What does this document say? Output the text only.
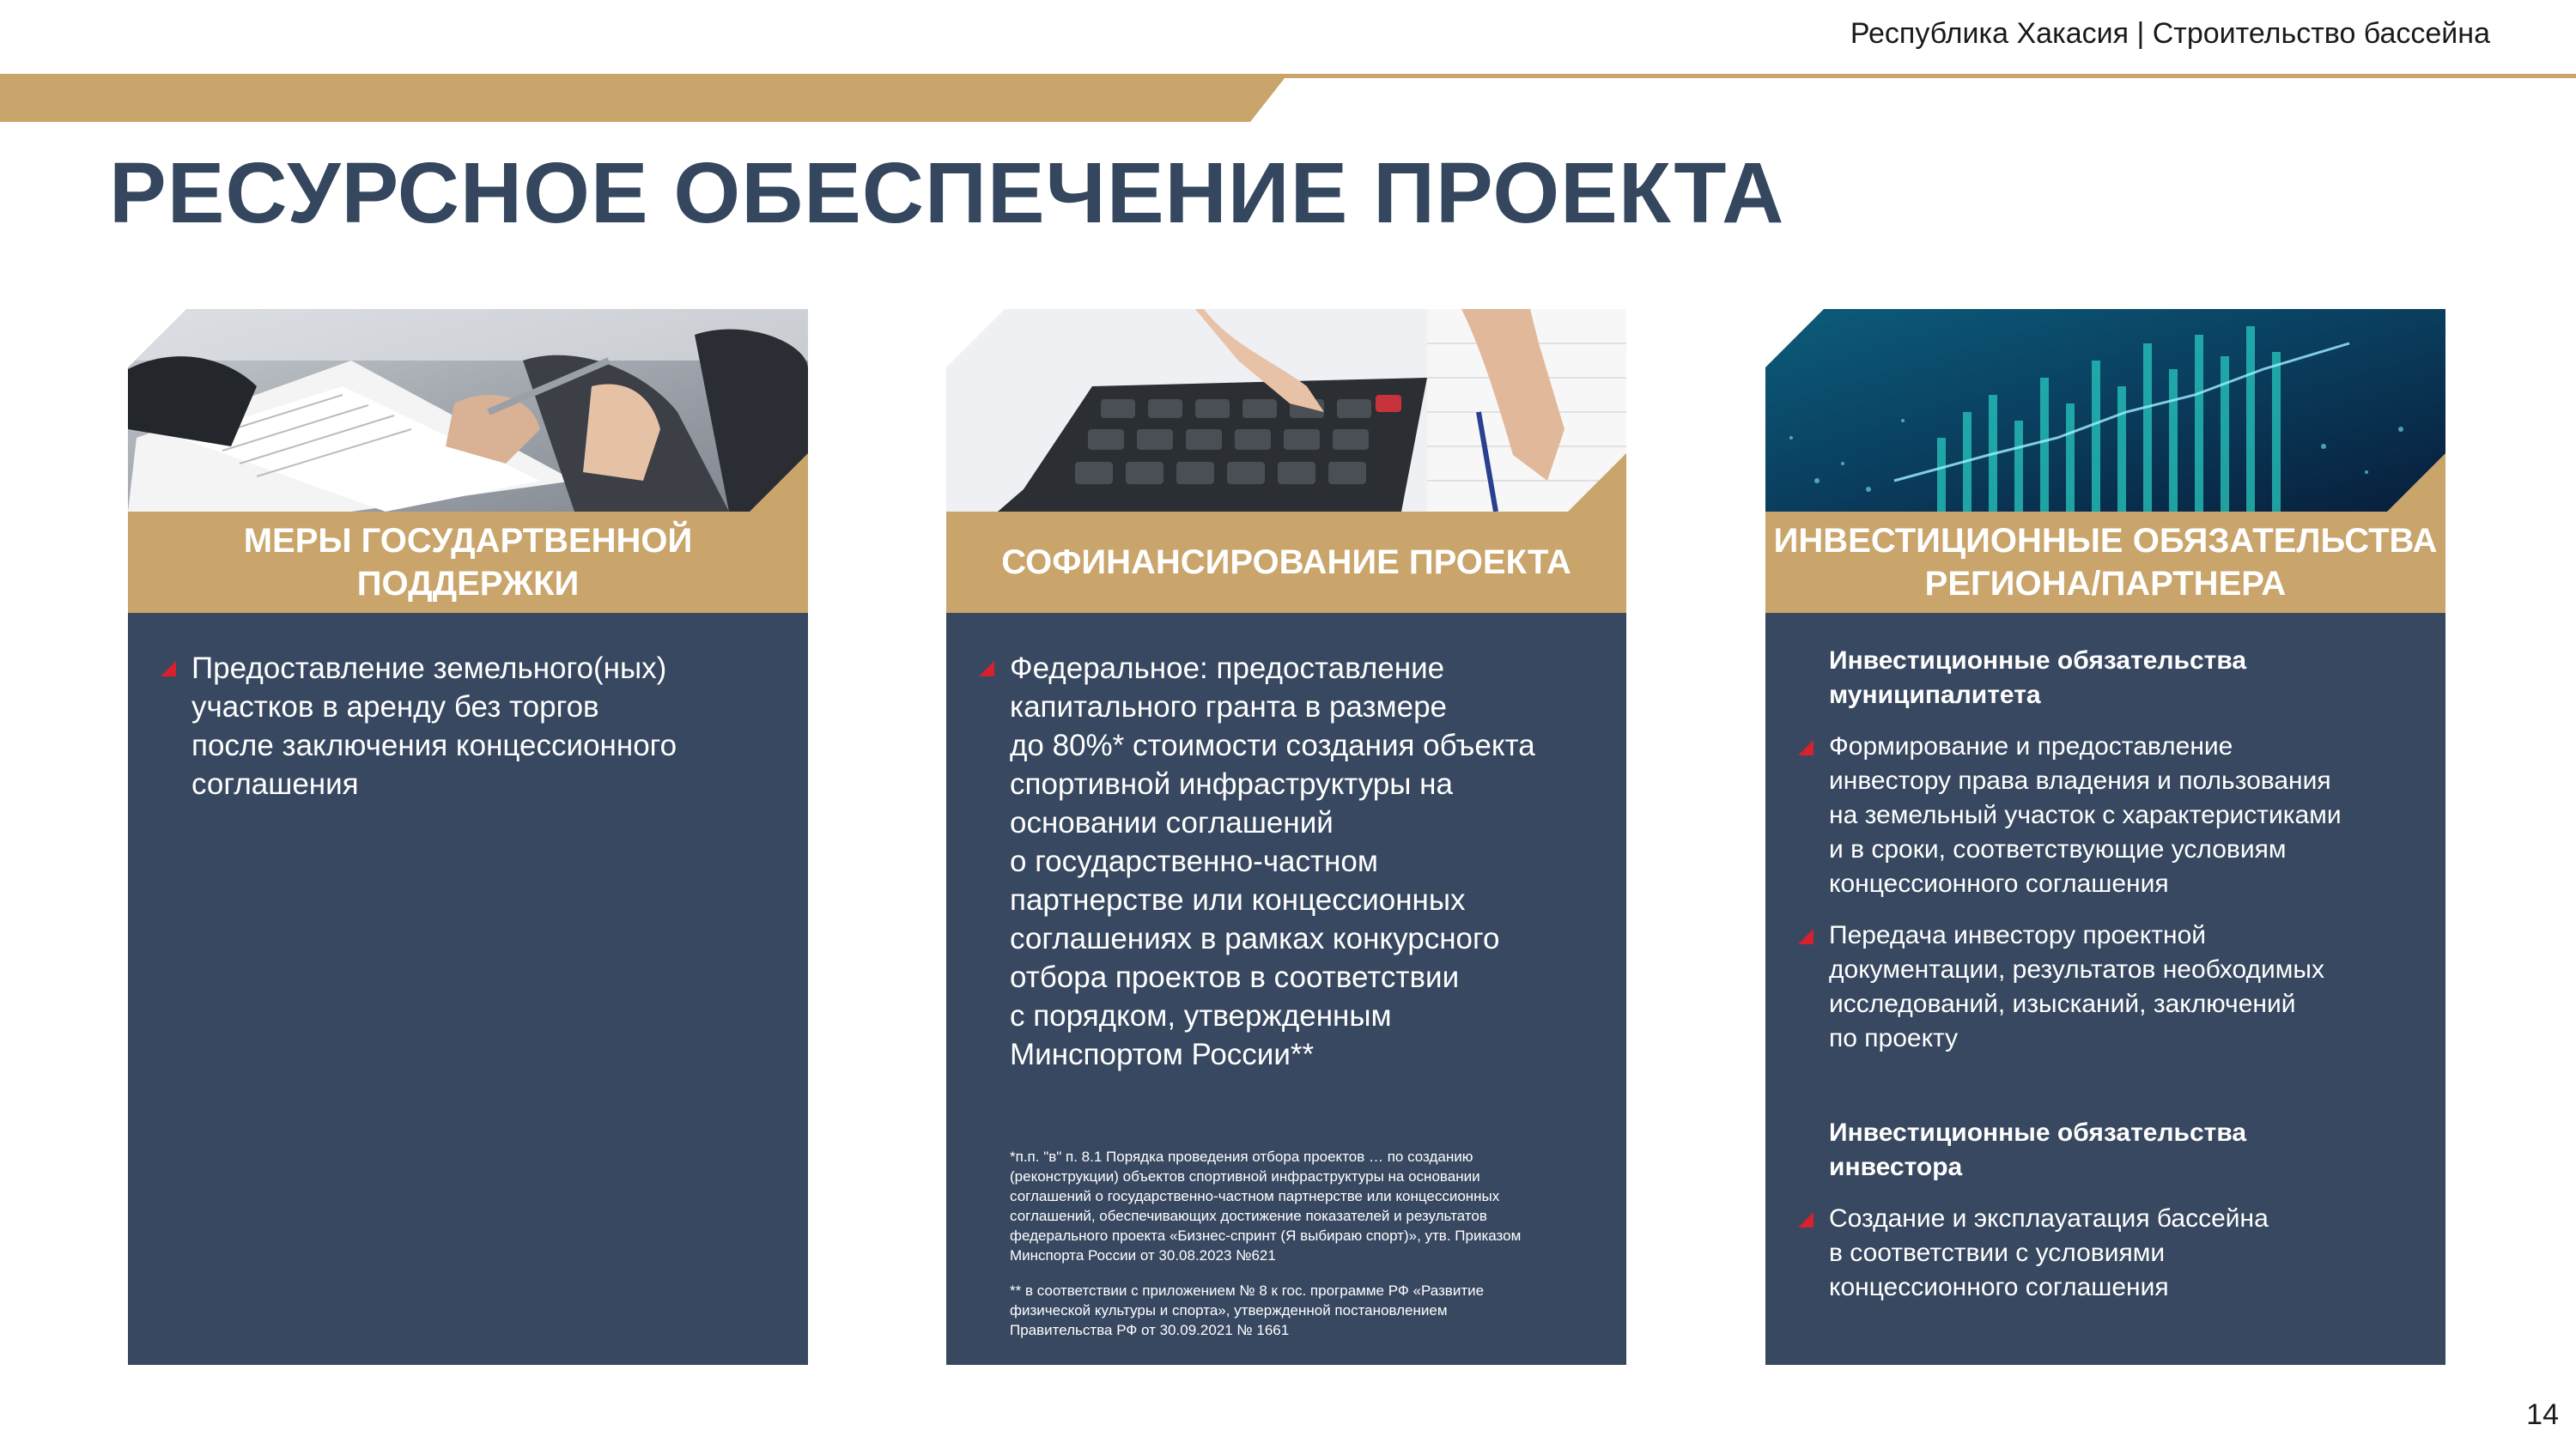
Республика Хакасия | Строительство бассейна
РЕСУРСНОЕ ОБЕСПЕЧЕНИЕ ПРОЕКТА
МЕРЫ ГОСУДАРТВЕННОЙ ПОДДЕРЖКИ
Предоставление земельного(ных)
участков в аренду без торгов
после заключения концессионного
соглашения
СОФИНАНСИРОВАНИЕ ПРОЕКТА
Федеральное: предоставление
капитального гранта в размере
до 80%* стоимости создания объекта
спортивной инфраструктуры на
основании соглашений
о государственно-частном
партнерстве или концессионных
соглашениях в рамках конкурсного
отбора проектов в соответствии
с порядком, утвержденным
Минспортом России**
*п.п. "в" п. 8.1 Порядка проведения отбора проектов … по созданию
(реконструкции) объектов спортивной инфраструктуры на основании
соглашений о государственно-частном партнерстве или концессионных
соглашений, обеспечивающих достижение показателей и результатов
федерального проекта «Бизнес-спринт (Я выбираю спорт)», утв. Приказом
Минспорта России от 30.08.2023 №621
** в соответствии с приложением № 8 к гос. программе РФ «Развитие
физической культуры и спорта», утвержденной постановлением
Правительства РФ от 30.09.2021 № 1661
ИНВЕСТИЦИОННЫЕ ОБЯЗАТЕЛЬСТВА
РЕГИОНА/ПАРТНЕРА
Инвестиционные обязательства
муниципалитета
Формирование и предоставление
инвестору права владения и пользования
на земельный участок с характеристиками
и в сроки, соответствующие условиям
концессионного соглашения
Передача инвестору проектной
документации, результатов необходимых
исследований, изысканий, заключений
по проекту
Инвестиционные обязательства
инвестора
Создание и эксплауатация бассейна
в соответствии с условиями
концессионного соглашения
14
